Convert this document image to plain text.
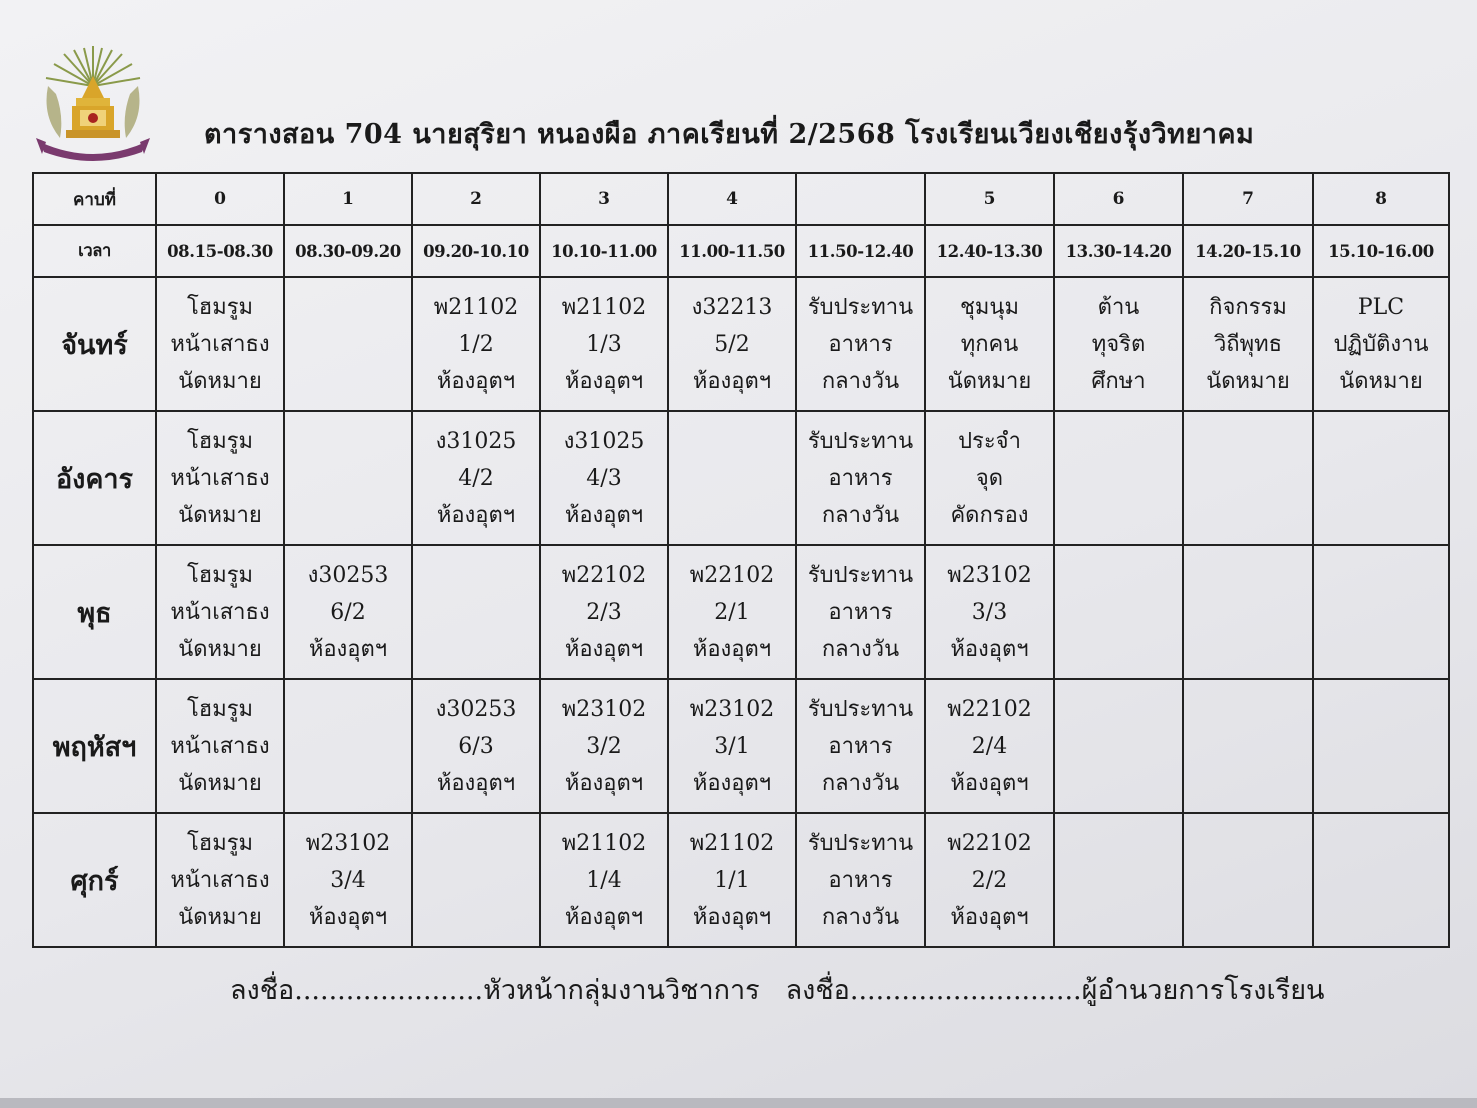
ตารางสอน 704 นายสุริยา หนองผือ ภาคเรียนที่ 2/2568 โรงเรียนเวียงเชียงรุ้งวิทยาคม
คาบที่	0	1	2	3	4		5	6	7	8
เวลา	08.15-08.30	08.30-09.20	09.20-10.10	10.10-11.00	11.00-11.50	11.50-12.40	12.40-13.30	13.30-14.20	14.20-15.10	15.10-16.00
จันทร์	โฮมรูม
หน้าเสาธง
นัดหมาย		พ21102
1/2
ห้องอุตฯ	พ21102
1/3
ห้องอุตฯ	ง32213
5/2
ห้องอุตฯ	รับประทาน
อาหาร
กลางวัน	ชุมนุม
ทุกคน
นัดหมาย	ต้าน
ทุจริต
ศึกษา	กิจกรรม
วิถีพุทธ
นัดหมาย	PLC
ปฏิบัติงาน
นัดหมาย

อังคาร	โฮมรูม
หน้าเสาธง
นัดหมาย		ง31025
4/2
ห้องอุตฯ	ง31025
4/3
ห้องอุตฯ		รับประทาน
อาหาร
กลางวัน	ประจำ
จุด
คัดกรอง			

พุธ	โฮมรูม
หน้าเสาธง
นัดหมาย	ง30253
6/2
ห้องอุตฯ		พ22102
2/3
ห้องอุตฯ	พ22102
2/1
ห้องอุตฯ	รับประทาน
อาหาร
กลางวัน	พ23102
3/3
ห้องอุตฯ			

พฤหัสฯ	โฮมรูม
หน้าเสาธง
นัดหมาย		ง30253
6/3
ห้องอุตฯ	พ23102
3/2
ห้องอุตฯ	พ23102
3/1
ห้องอุตฯ	รับประทาน
อาหาร
กลางวัน	พ22102
2/4
ห้องอุตฯ			

ศุกร์	โฮมรูม
หน้าเสาธง
นัดหมาย	พ23102
3/4
ห้องอุตฯ		พ21102
1/4
ห้องอุตฯ	พ21102
1/1
ห้องอุตฯ	รับประทาน
อาหาร
กลางวัน	พ22102
2/2
ห้องอุตฯ			

ลงชื่อ......................หัวหน้ากลุ่มงานวิชาการ ลงชื่อ...........................ผู้อำนวยการโรงเรียน
